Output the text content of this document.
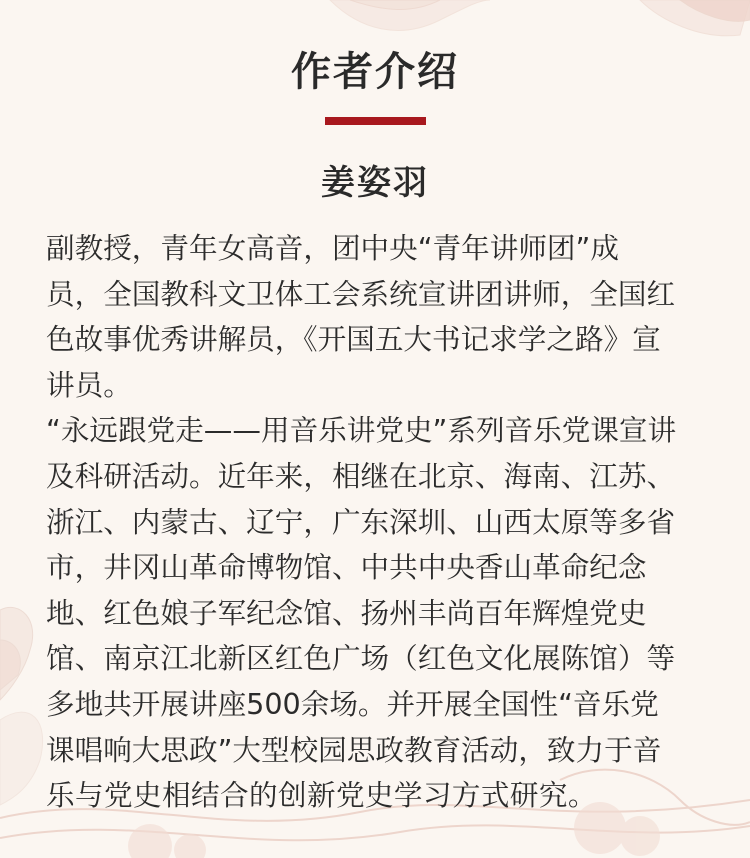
作者介绍
姜姿羽

副教授，青年女高音，团中央“青年讲师团”成

员，全国教科文卫体工会系统宣讲团讲师，全国红

色故事优秀讲解员，《开国五大书记求学之路》宣

讲员。

“永远跟党走——用音乐讲党史”系列音乐党课宣讲

及科研活动。近年来，相继在北京、海南、江苏、

浙江、内蒙古、辽宁，广东深圳、山西太原等多省

市，井冈山革命博物馆、中共中央香山革命纪念

地、红色娘子军纪念馆、扬州丰尚百年辉煌党史

馆、南京江北新区红色广场（红色文化展陈馆）等

多地共开展讲座500余场。并开展全国性“音乐党

课唱响大思政”大型校园思政教育活动，致力于音

乐与党史相结合的创新党史学习方式研究。
